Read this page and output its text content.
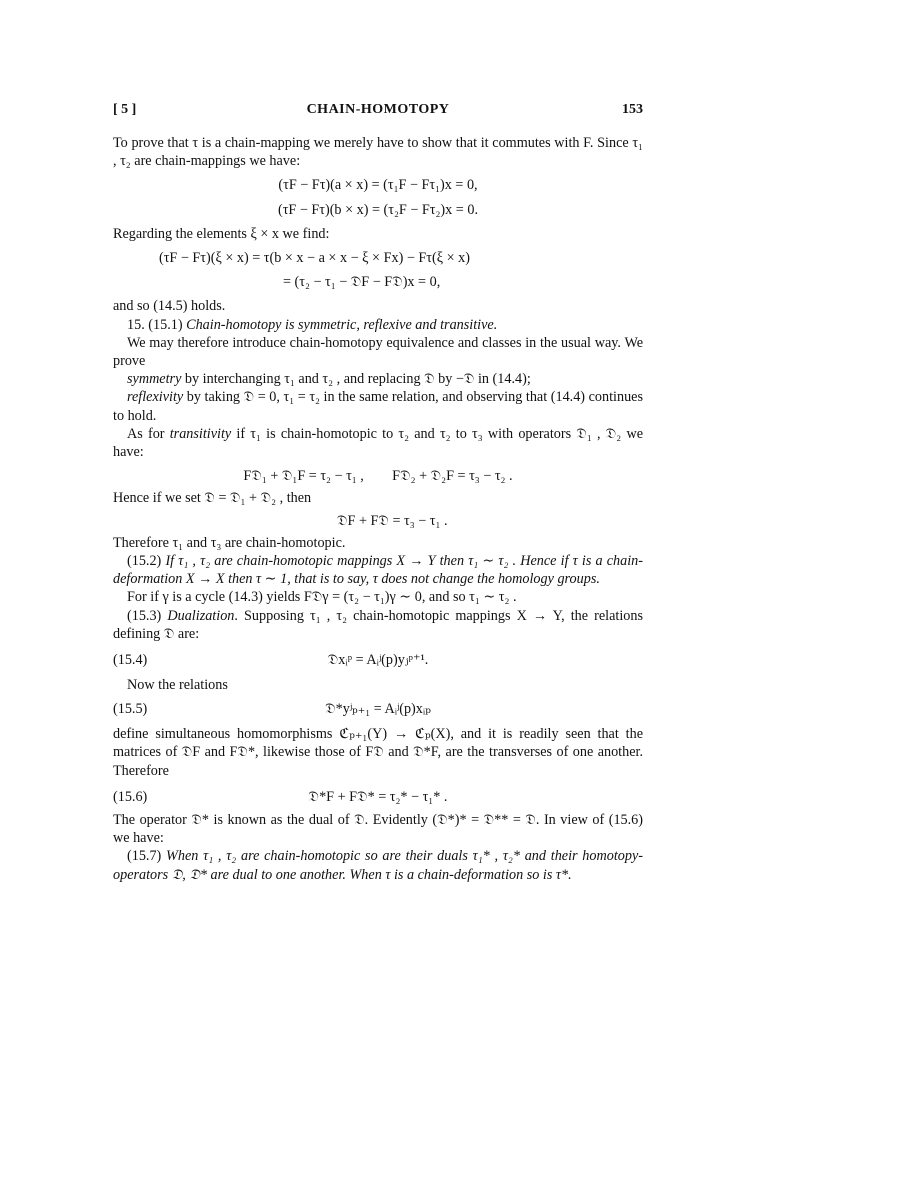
[ 5 ]	CHAIN-HOMOTOPY	153

To prove that τ is a chain-mapping we merely have to show that it commutes with F. Since τ₁ , τ₂ are chain-mappings we have:

(τF − Fτ)(a × x) = (τ₁F − Fτ₁)x = 0,
(τF − Fτ)(b × x) = (τ₂F − Fτ₂)x = 0.

Regarding the elements ξ × x we find:

(τF − Fτ)(ξ × x) = τ(b × x − a × x − ξ × Fx) − Fτ(ξ × x)
= (τ₂ − τ₁ − 𝔇F − F𝔇)x = 0,

and so (14.5) holds.

15. (15.1) Chain-homotopy is symmetric, reflexive and transitive.

We may therefore introduce chain-homotopy equivalence and classes in the usual way. We prove

symmetry by interchanging τ₁ and τ₂ , and replacing 𝔇 by −𝔇 in (14.4);

reflexivity by taking 𝔇 = 0, τ₁ = τ₂ in the same relation, and observing that (14.4) continues to hold.

As for transitivity if τ₁ is chain-homotopic to τ₂ and τ₂ to τ₃ with operators 𝔇₁ , 𝔇₂ we have:

F𝔇₁ + 𝔇₁F = τ₂ − τ₁ ,        F𝔇₂ + 𝔇₂F = τ₃ − τ₂ .

Hence if we set 𝔇 = 𝔇₁ + 𝔇₂ , then

𝔇F + F𝔇 = τ₃ − τ₁ .

Therefore τ₁ and τ₃ are chain-homotopic.

(15.2) If τ₁ , τ₂ are chain-homotopic mappings X → Y then τ₁ ∼ τ₂ . Hence if τ is a chain-deformation X → X then τ ∼ 1, that is to say, τ does not change the homology groups.

For if γ is a cycle (14.3) yields F𝔇γ = (τ₂ − τ₁)γ ∼ 0, and so τ₁ ∼ τ₂ .

(15.3) Dualization. Supposing τ₁ , τ₂ chain-homotopic mappings X → Y, the relations defining 𝔇 are:

(15.4)	𝔇xᵢᵖ = Aᵢʲ(p)yⱼᵖ⁺¹.

Now the relations

(15.5)	𝔇*yʲₚ₊₁ = Aᵢʲ(p)xᵢₚ

define simultaneous homomorphisms ℭₚ₊₁(Y) → ℭₚ(X), and it is readily seen that the matrices of 𝔇F and F𝔇*, likewise those of F𝔇 and 𝔇*F, are the transverses of one another. Therefore

(15.6)	𝔇*F + F𝔇* = τ₂* − τ₁* .

The operator 𝔇* is known as the dual of 𝔇. Evidently (𝔇*)* = 𝔇** = 𝔇. In view of (15.6) we have:

(15.7) When τ₁ , τ₂ are chain-homotopic so are their duals τ₁* , τ₂* and their homotopy-operators 𝔇, 𝔇* are dual to one another. When τ is a chain-deformation so is τ*.
